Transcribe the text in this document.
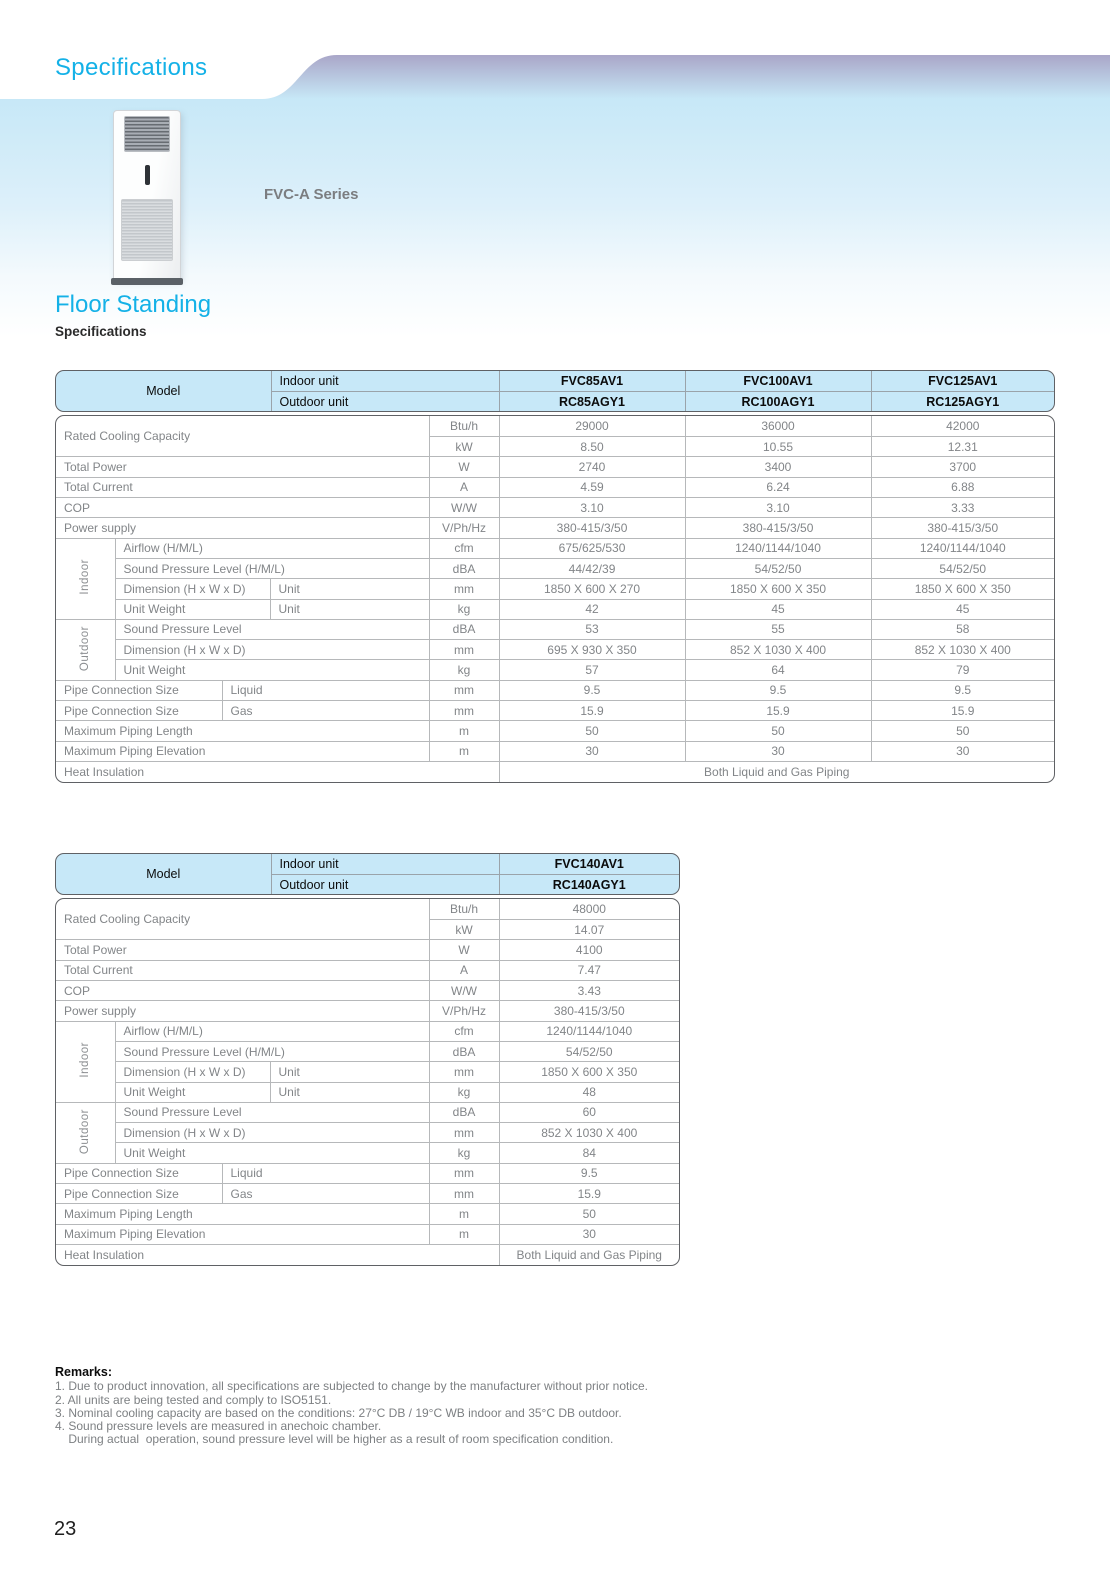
Specifications
FVC-A Series
Floor Standing
Specifications
Model	Indoor unit	FVC85AV1	FVC100AV1	FVC125AV1
	Outdoor unit	RC85AGY1	RC100AGY1	RC125AGY1
Rated Cooling Capacity				Btu/h	29000	36000	42000
				kW	8.50	10.55	12.31
Total Power				W	2740	3400	3700
Total Current				A	4.59	6.24	6.88
COP				W/W	3.10	3.10	3.33
Power supply				V/Ph/Hz	380-415/3/50	380-415/3/50	380-415/3/50
Indoor	Airflow (H/M/L)			cfm	675/625/530	1240/1144/1040	1240/1144/1040
	Sound Pressure Level (H/M/L)			dBA	44/42/39	54/52/50	54/52/50
	Dimension (H x W x D)		Unit	mm	1850 X 600 X 270	1850 X 600 X 350	1850 X 600 X 350
	Unit Weight		Unit	kg	42	45	45
Outdoor	Sound Pressure Level			dBA	53	55	58
	Dimension (H x W x D)			mm	695 X 930 X 350	852 X 1030 X 400	852 X 1030 X 400
	Unit Weight			kg	57	64	79
Pipe Connection Size		Liquid		mm	9.5	9.5	9.5
Pipe Connection Size		Gas		mm	15.9	15.9	15.9
Maximum Piping Length				m	50	50	50
Maximum Piping Elevation				m	30	30	30
Heat Insulation					Both Liquid and Gas Piping		
Model	Indoor unit	FVC140AV1
	Outdoor unit	RC140AGY1
Rated Cooling Capacity				Btu/h	48000
				kW	14.07
Total Power				W	4100
Total Current				A	7.47
COP				W/W	3.43
Power supply				V/Ph/Hz	380-415/3/50
Indoor	Airflow (H/M/L)			cfm	1240/1144/1040
	Sound Pressure Level (H/M/L)			dBA	54/52/50
	Dimension (H x W x D)		Unit	mm	1850 X 600 X 350
	Unit Weight		Unit	kg	48
Outdoor	Sound Pressure Level			dBA	60
	Dimension (H x W x D)			mm	852 X 1030 X 400
	Unit Weight			kg	84
Pipe Connection Size		Liquid		mm	9.5
Pipe Connection Size		Gas		mm	15.9
Maximum Piping Length				m	50
Maximum Piping Elevation				m	30
Heat Insulation					Both Liquid and Gas Piping
Remarks:
1. Due to product innovation, all specifications are subjected to change by the manufacturer without prior notice.
2. All units are being tested and comply to ISO5151.
3. Nominal cooling capacity are based on the conditions: 27°C DB / 19°C WB indoor and 35°C DB outdoor.
4. Sound pressure levels are measured in anechoic chamber.
During actual  operation, sound pressure level will be higher as a result of room specification condition.
23
